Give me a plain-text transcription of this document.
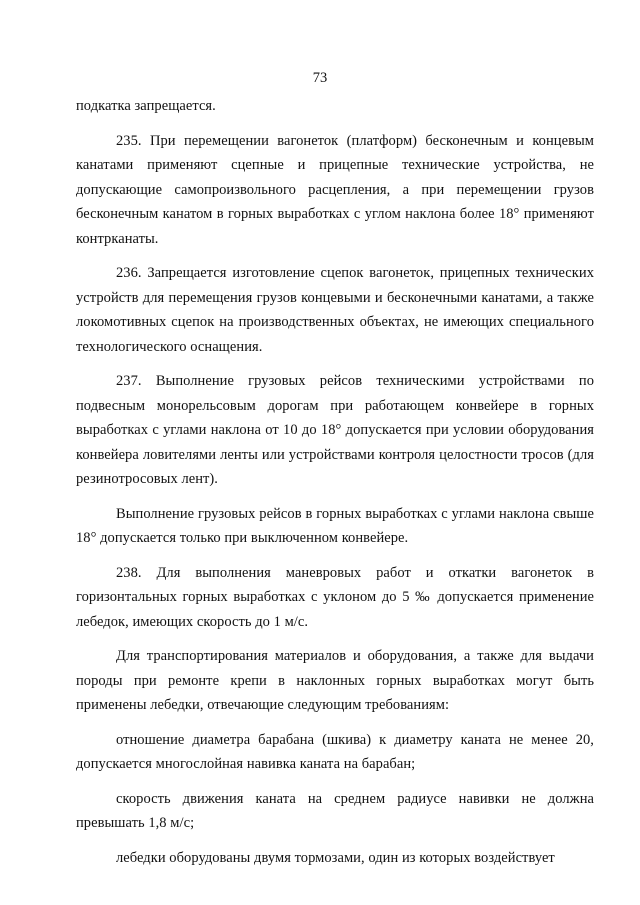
73

подкатка запрещается.

235. При перемещении вагонеток (платформ) бесконечным и концевым канатами применяют сцепные и прицепные технические устройства, не допускающие самопроизвольного расцепления, а при перемещении грузов бесконечным канатом в горных выработках с углом наклона более 18° применяют контрканаты.

236. Запрещается изготовление сцепок вагонеток, прицепных технических устройств для перемещения грузов концевыми и бесконечными канатами, а также локомотивных сцепок на производственных объектах, не имеющих специального технологического оснащения.

237. Выполнение грузовых рейсов техническими устройствами по подвесным монорельсовым дорогам при работающем конвейере в горных выработках с углами наклона от 10 до 18° допускается при условии оборудования конвейера ловителями ленты или устройствами контроля целостности тросов (для резинотросовых лент).

Выполнение грузовых рейсов в горных выработках с углами наклона свыше 18° допускается только при выключенном конвейере.

238. Для выполнения маневровых работ и откатки вагонеток в горизонтальных горных выработках с уклоном до 5 ‰ допускается применение лебедок, имеющих скорость до 1 м/с.

Для транспортирования материалов и оборудования, а также для выдачи породы при ремонте крепи в наклонных горных выработках могут быть применены лебедки, отвечающие следующим требованиям:

отношение диаметра барабана (шкива) к диаметру каната не менее 20, допускается многослойная навивка каната на барабан;

скорость движения каната на среднем радиусе навивки не должна превышать 1,8 м/с;

лебедки оборудованы двумя тормозами, один из которых воздействует
